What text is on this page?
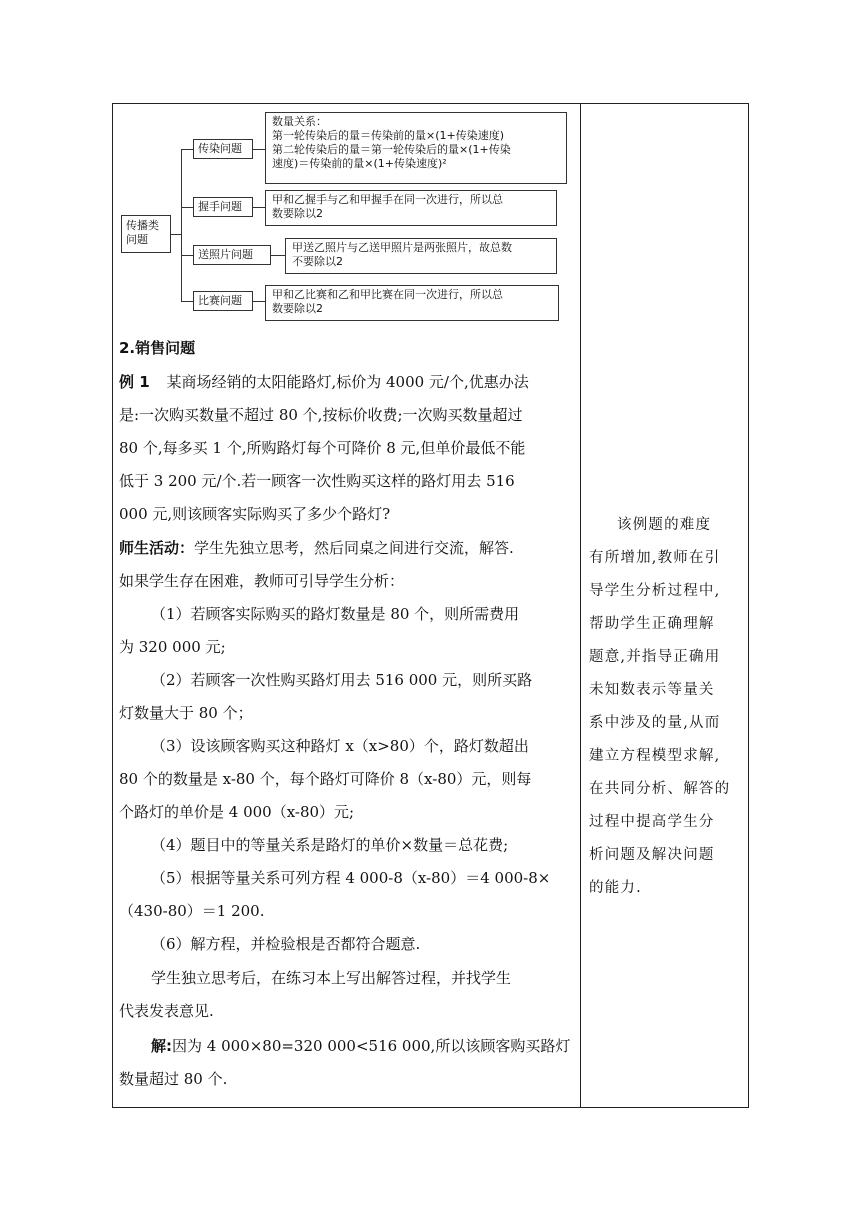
传播类
问题
传染问题
数量关系：
第一轮传染后的量＝传染前的量×(1+传染速度)
第二轮传染后的量＝第一轮传染后的量×(1+传染
速度)＝传染前的量×(1+传染速度)²
握手问题
甲和乙握手与乙和甲握手在同一次进行，所以总
数要除以2
送照片问题
甲送乙照片与乙送甲照片是两张照片，故总数
不要除以2
比赛问题	甲和乙比赛和乙和甲比赛在同一次进行，所以总
数要除以2
2.销售问题
例 1 某商场经销的太阳能路灯,标价为 4000 元/个,优惠办法
是:一次购买数量不超过 80 个,按标价收费;一次购买数量超过
80 个,每多买 1 个,所购路灯每个可降价 8 元,但单价最低不能
低于 3 200 元/个.若一顾客一次性购买这样的路灯用去 516
000 元,则该顾客实际购买了多少个路灯?
师生活动：学生先独立思考，然后同桌之间进行交流，解答.
如果学生存在困难，教师可引导学生分析：
（1）若顾客实际购买的路灯数量是 80 个，则所需费用
为 320 000 元;
（2）若顾客一次性购买路灯用去 516 000 元，则所买路
灯数量大于 80 个；
（3）设该顾客购买这种路灯 x（x>80）个，路灯数超出
80 个的数量是 x-80 个，每个路灯可降价 8（x-80）元，则每
个路灯的单价是 4 000（x-80）元;
（4）题目中的等量关系是路灯的单价×数量＝总花费;
（5）根据等量关系可列方程 4 000-8（x-80）＝4 000-8×
（430-80）＝1 200.
（6）解方程，并检验根是否都符合题意.
学生独立思考后，在练习本上写出解答过程，并找学生
代表发表意见.
解:因为 4 000×80=320 000<516 000,所以该顾客购买路灯
数量超过 80 个.
该例题的难度
有所增加,教师在引
导学生分析过程中,
帮助学生正确理解
题意,并指导正确用
未知数表示等量关
系中涉及的量,从而
建立方程模型求解,
在共同分析、解答的
过程中提高学生分
析问题及解决问题
的能力.
